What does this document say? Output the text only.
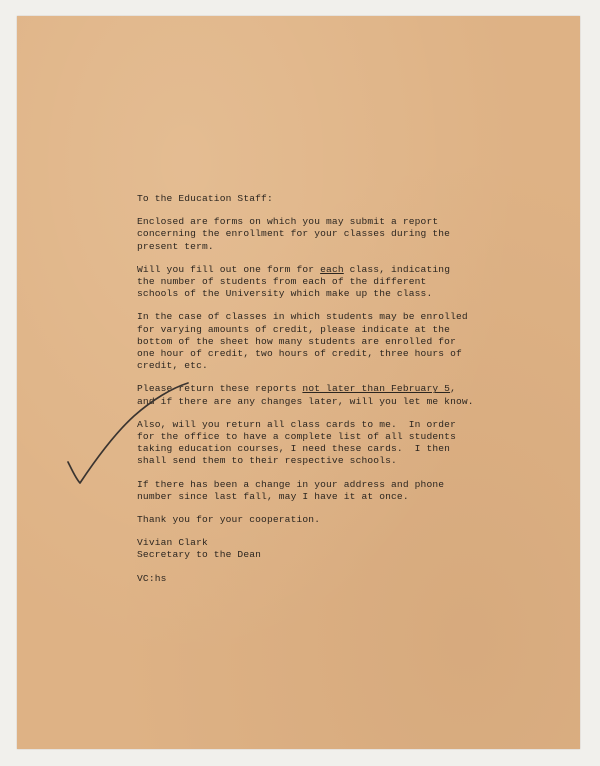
To the Education Staff:
Enclosed are forms on which you may submit a report
concerning the enrollment for your classes during the
present term.
Will you fill out one form for each class, indicating
the number of students from each of the different
schools of the University which make up the class.
In the case of classes in which students may be enrolled
for varying amounts of credit, please indicate at the
bottom of the sheet how many students are enrolled for
one hour of credit, two hours of credit, three hours of
credit, etc.
Please return these reports not later than February 5,
and if there are any changes later, will you let me know.
Also, will you return all class cards to me.  In order
for the office to have a complete list of all students
taking education courses, I need these cards.  I then
shall send them to their respective schools.
If there has been a change in your address and phone
number since last fall, may I have it at once.
Thank you for your cooperation.
Vivian Clark
Secretary to the Dean
VC:hs
